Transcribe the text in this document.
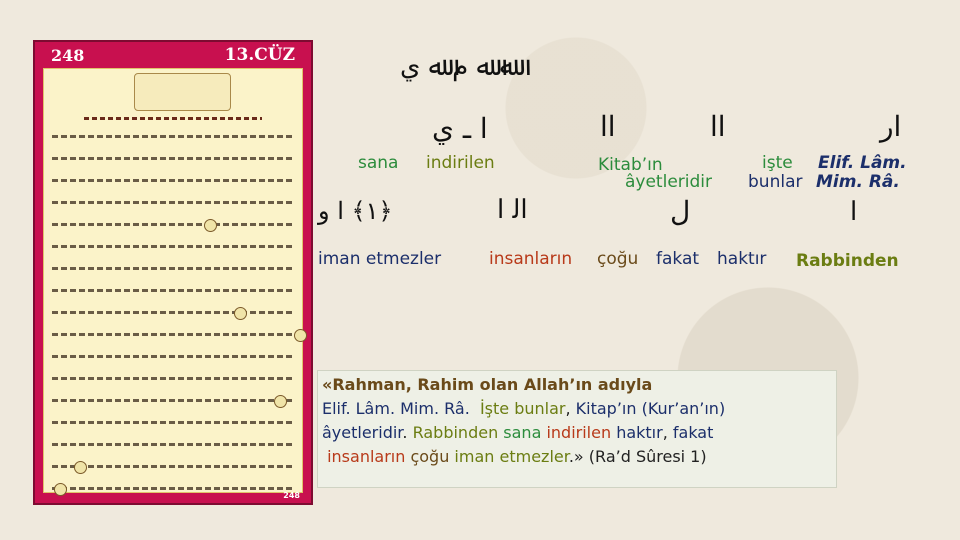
248	13.CÜZ
248
ﷲ ﷲ ﻡ ﷲ ﻱ
ﺍﺭ
ﺍﺍ
ﺍﺍ
ﺍ ـ ﻱ
ﺍ
ﻝ
ﺍﻟ ﺍ
﴿١﴾ ﺍ ﻭ
sana indirilen	Kitab’ın	işte Elif. Lâm.
âyetleridir bunlar Mim. Râ.
iman etmezler	insanların çoğu fakat haktır Rabbinden
«Rahman, Rahim olan Allah’ın adıyla
Elif. Lâm. Mim. Râ. İşte bunlar, Kitap’ın (Kur’an’ın)
âyetleridir. Rabbinden sana indirilen haktır, fakat
insanların çoğu iman etmezler.» (Ra’d Sûresi 1)
